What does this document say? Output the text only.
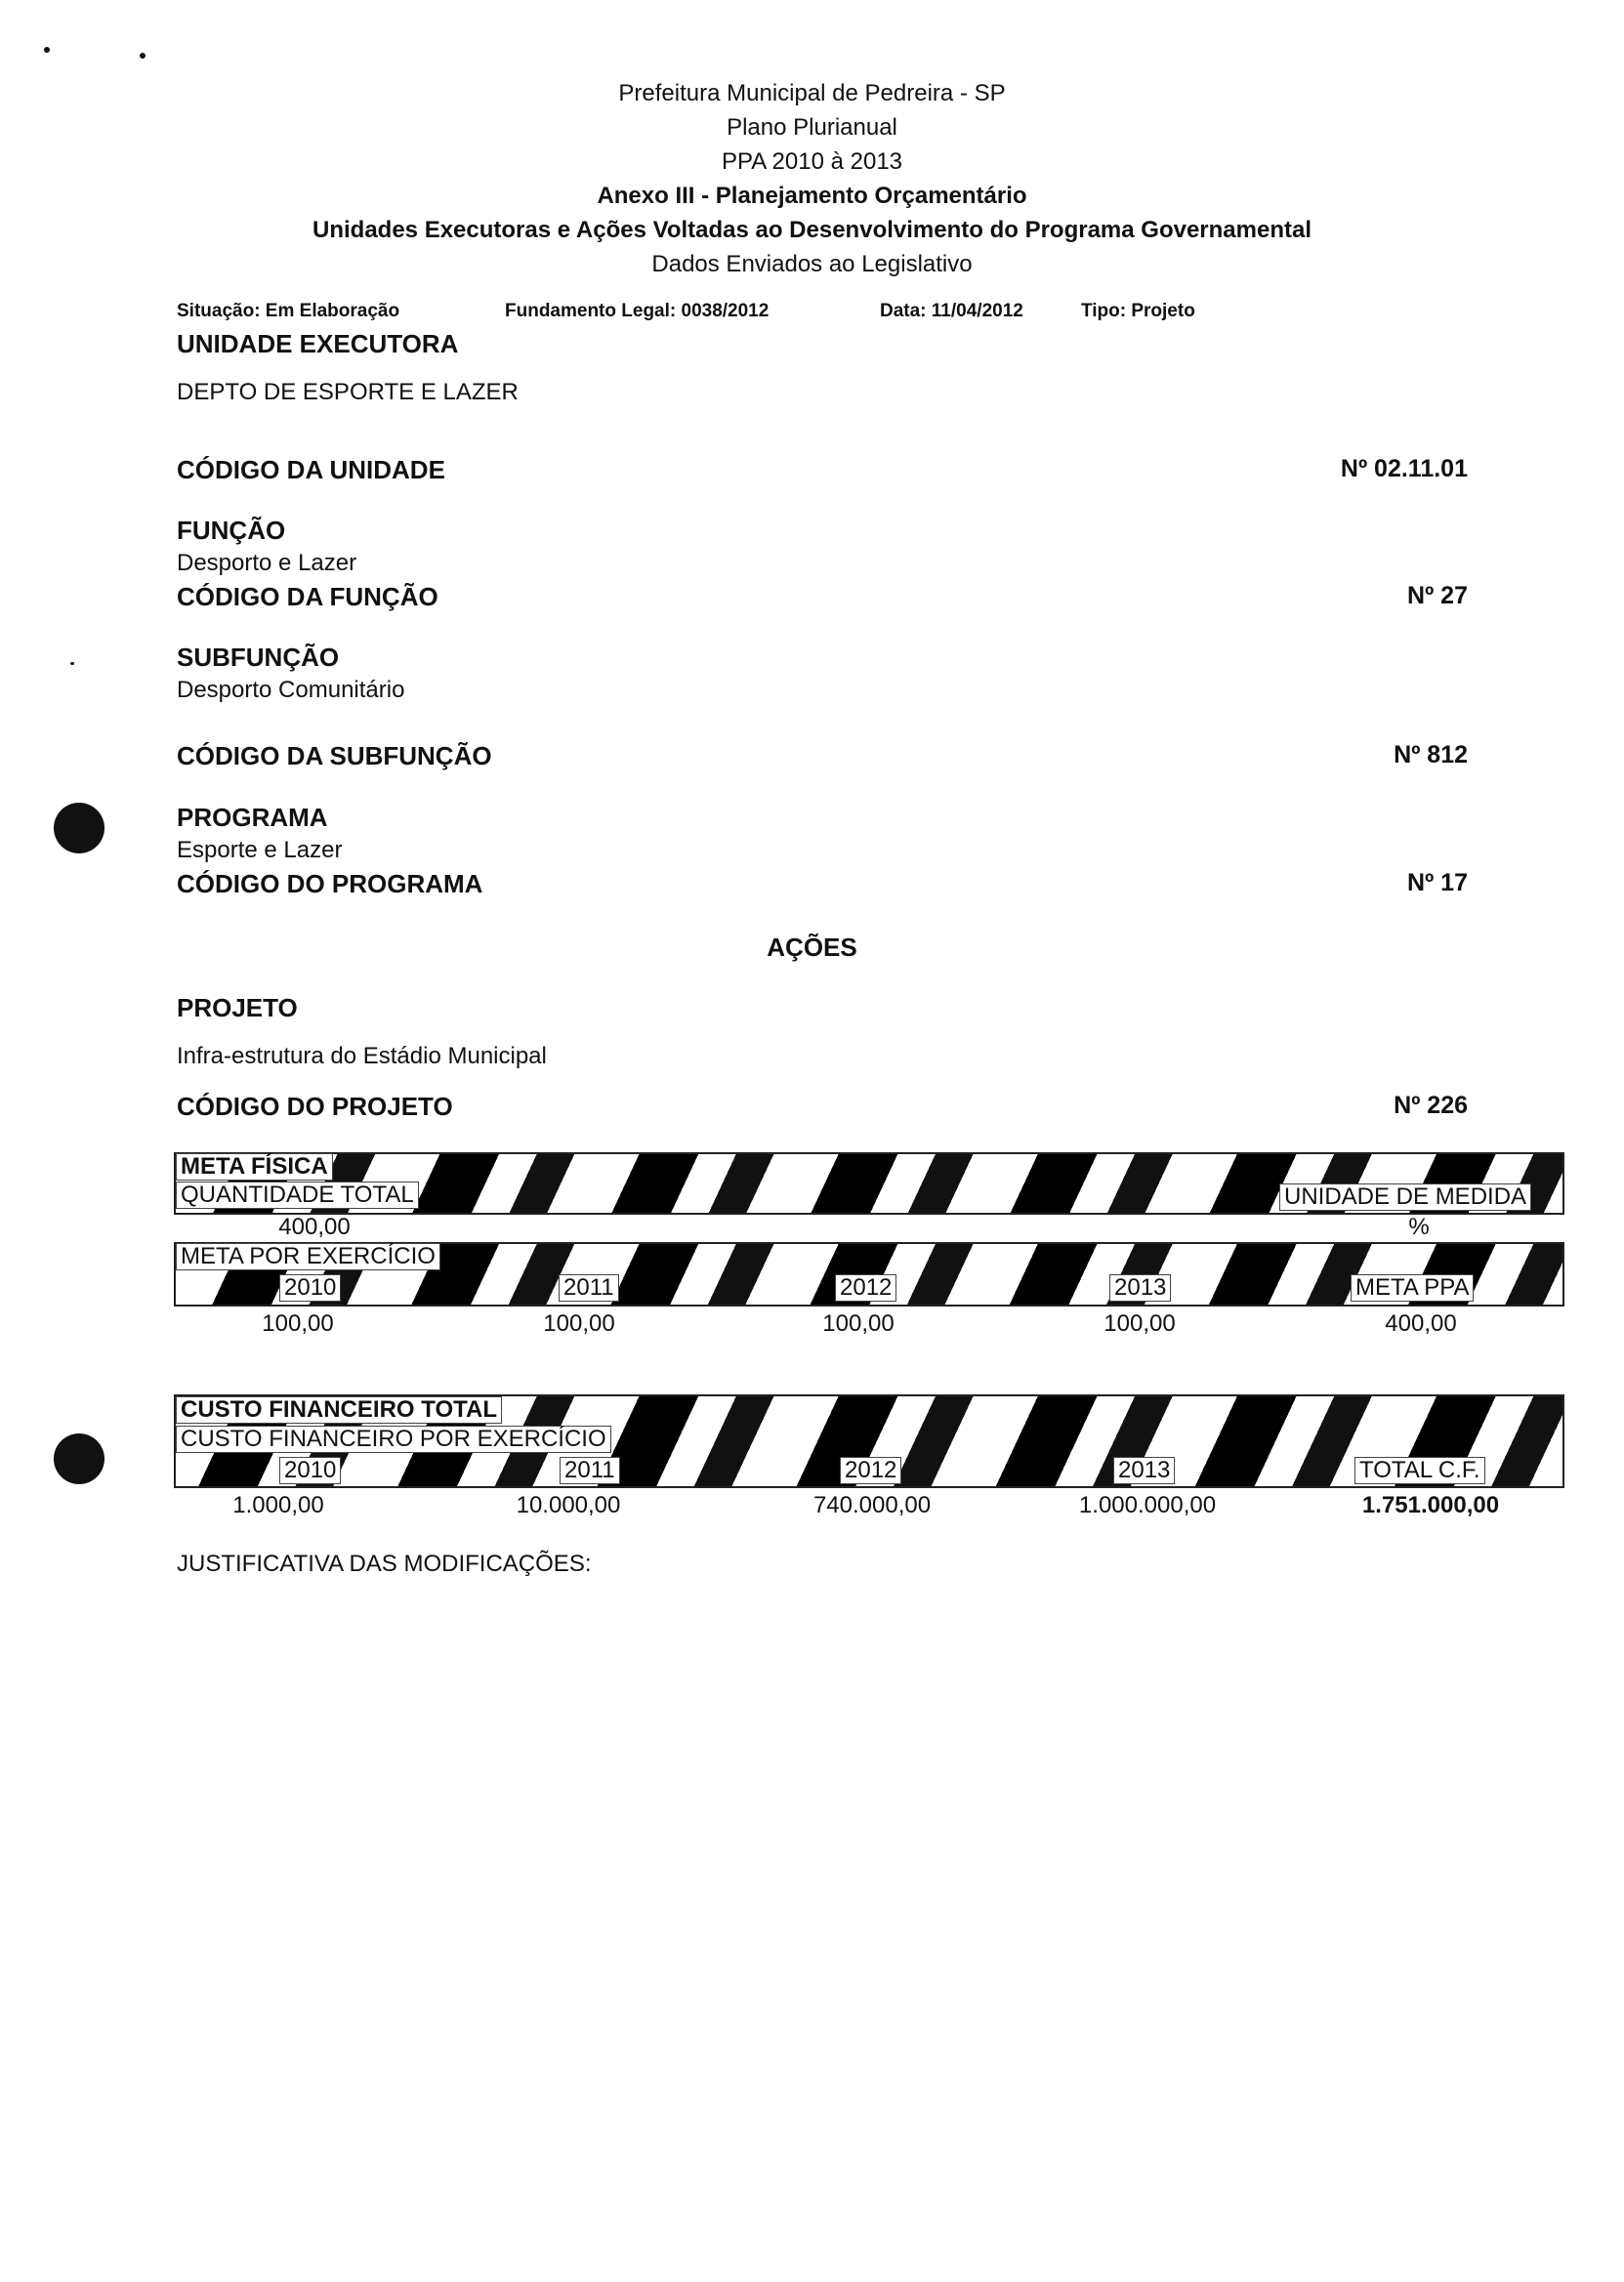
Prefeitura Municipal de Pedreira - SP
Plano Plurianual
PPA 2010 à 2013
Anexo III - Planejamento Orçamentário
Unidades Executoras e Ações Voltadas ao Desenvolvimento do Programa Governamental
Dados Enviados ao Legislativo
Situação: Em Elaboração	Fundamento Legal: 0038/2012	Data: 11/04/2012	Tipo: Projeto
UNIDADE EXECUTORA
DEPTO DE ESPORTE E LAZER
CÓDIGO DA UNIDADE	Nº 02.11.01
FUNÇÃO
Desporto e Lazer
CÓDIGO DA FUNÇÃO	Nº 27
SUBFUNÇÃO
Desporto Comunitário
CÓDIGO DA SUBFUNÇÃO	Nº 812
PROGRAMA
Esporte e Lazer
CÓDIGO DO PROGRAMA	Nº 17
AÇÕES
PROJETO
Infra-estrutura do Estádio Municipal
CÓDIGO DO PROJETO	Nº 226
META FÍSICA
QUANTIDADE TOTAL	UNIDADE DE MEDIDA
400,00	%
META POR EXERCÍCIO
2010	2011	2012	2013	META PPA
100,00	100,00	100,00	100,00	400,00
CUSTO FINANCEIRO TOTAL
CUSTO FINANCEIRO POR EXERCÍCIO
2010	2011	2012	2013	TOTAL C.F.
1.000,00	10.000,00	740.000,00	1.000.000,00	1.751.000,00
JUSTIFICATIVA DAS MODIFICAÇÕES:
